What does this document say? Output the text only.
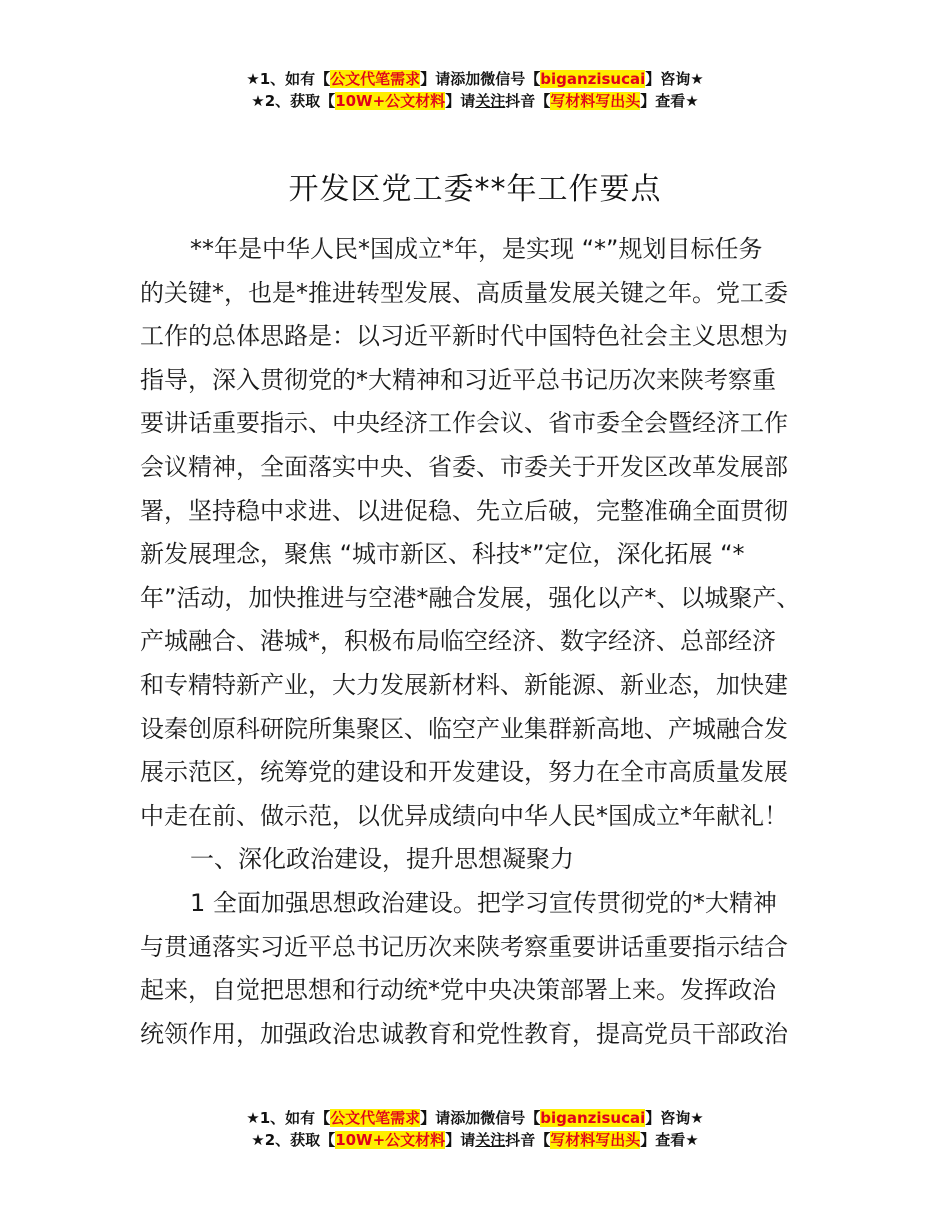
★1、如有【公文代笔需求】请添加微信号【biganzisucai】咨询★
★2、获取【10W+公文材料】请关注抖音【写材料写出头】查看★
开发区党工委**年工作要点

**年是中华人民*国成立*年，是实现 “*”规划目标任务
的关键*，也是*推进转型发展、高质量发展关键之年。党工委
工作的总体思路是：以习近平新时代中国特色社会主义思想为
指导，深入贯彻党的*大精神和习近平总书记历次来陕考察重
要讲话重要指示、中央经济工作会议、省市委全会暨经济工作
会议精神，全面落实中央、省委、市委关于开发区改革发展部
署，坚持稳中求进、以进促稳、先立后破，完整准确全面贯彻
新发展理念，聚焦 “城市新区、科技*”定位，深化拓展 “*
年”活动，加快推进与空港*融合发展，强化以产*、以城聚产、
产城融合、港城*，积极布局临空经济、数字经济、总部经济
和专精特新产业，大力发展新材料、新能源、新业态，加快建
设秦创原科研院所集聚区、临空产业集群新高地、产城融合发
展示范区，统筹党的建设和开发建设，努力在全市高质量发展
中走在前、做示范，以优异成绩向中华人民*国成立*年献礼！

一、深化政治建设，提升思想凝聚力

1 全面加强思想政治建设。把学习宣传贯彻党的*大精神
与贯通落实习近平总书记历次来陕考察重要讲话重要指示结合
起来，自觉把思想和行动统*党中央决策部署上来。发挥政治
统领作用，加强政治忠诚教育和党性教育，提高党员干部政治

★1、如有【公文代笔需求】请添加微信号【biganzisucai】咨询★
★2、获取【10W+公文材料】请关注抖音【写材料写出头】查看★
